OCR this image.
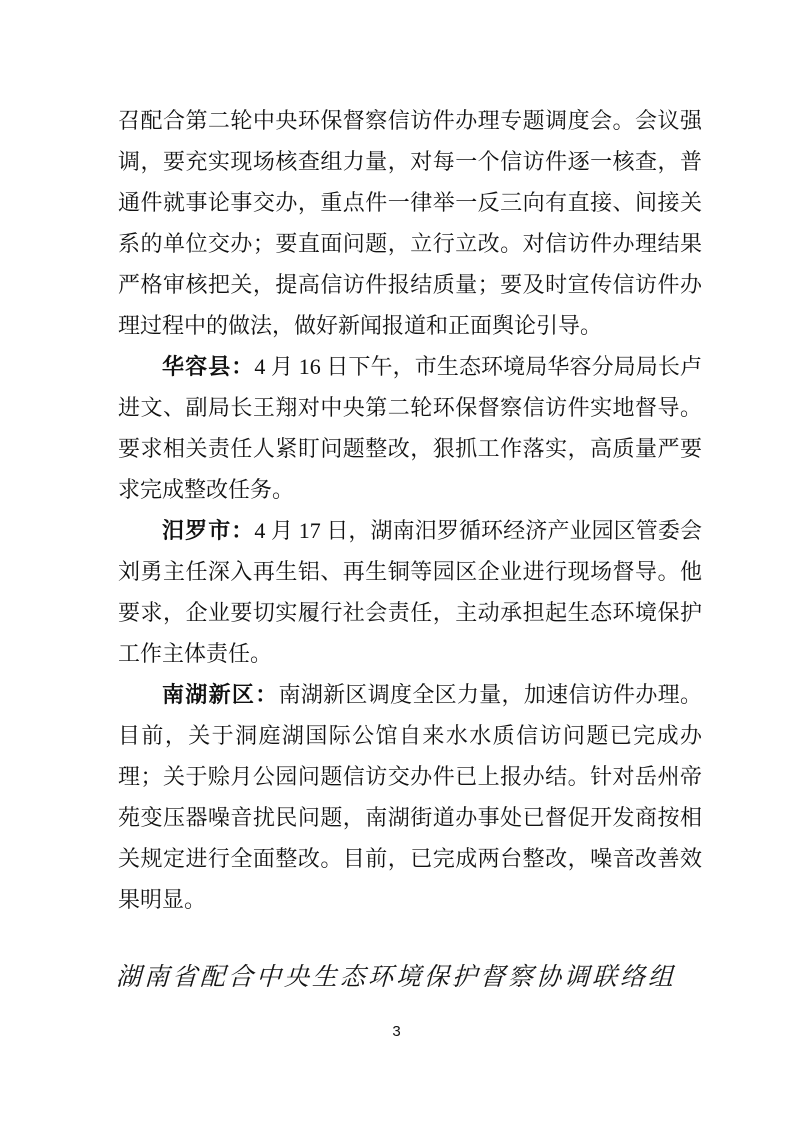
召配合第二轮中央环保督察信访件办理专题调度会。会议强调，要充实现场核查组力量，对每一个信访件逐一核查，普通件就事论事交办，重点件一律举一反三向有直接、间接关系的单位交办；要直面问题，立行立改。对信访件办理结果严格审核把关，提高信访件报结质量；要及时宣传信访件办理过程中的做法，做好新闻报道和正面舆论引导。

华容县：4 月 16 日下午，市生态环境局华容分局局长卢进文、副局长王翔对中央第二轮环保督察信访件实地督导。要求相关责任人紧盯问题整改，狠抓工作落实，高质量严要求完成整改任务。

汨罗市：4 月 17 日，湖南汨罗循环经济产业园区管委会刘勇主任深入再生铝、再生铜等园区企业进行现场督导。他要求，企业要切实履行社会责任，主动承担起生态环境保护工作主体责任。

南湖新区：南湖新区调度全区力量，加速信访件办理。目前，关于洞庭湖国际公馆自来水水质信访问题已完成办理；关于赊月公园问题信访交办件已上报办结。针对岳州帝苑变压器噪音扰民问题，南湖街道办事处已督促开发商按相关规定进行全面整改。目前，已完成两台整改，噪音改善效果明显。

湖南省配合中央生态环境保护督察协调联络组
3
